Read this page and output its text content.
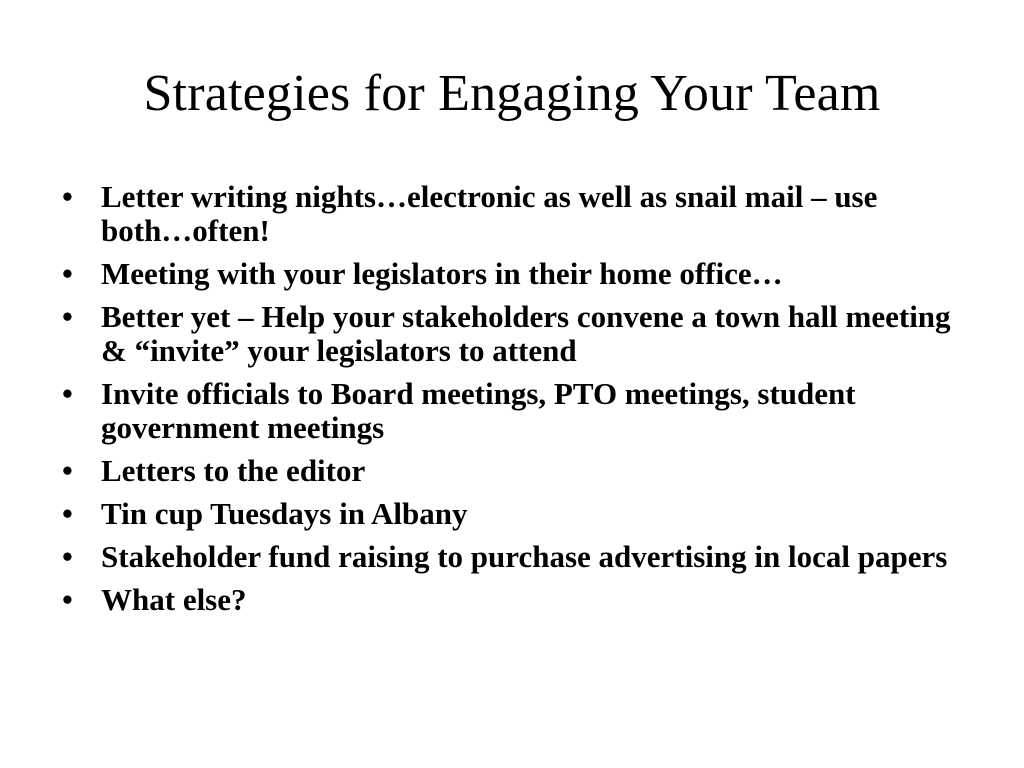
Strategies for Engaging Your Team
• Letter writing nights…electronic as well as snail mail – use both…often!
• Meeting with your legislators in their home office…
• Better yet – Help your stakeholders convene a town hall meeting & “invite” your legislators to attend
• Invite officials to Board meetings, PTO meetings, student government meetings
• Letters to the editor
• Tin cup Tuesdays in Albany
• Stakeholder fund raising to purchase advertising in local papers
• What else?
